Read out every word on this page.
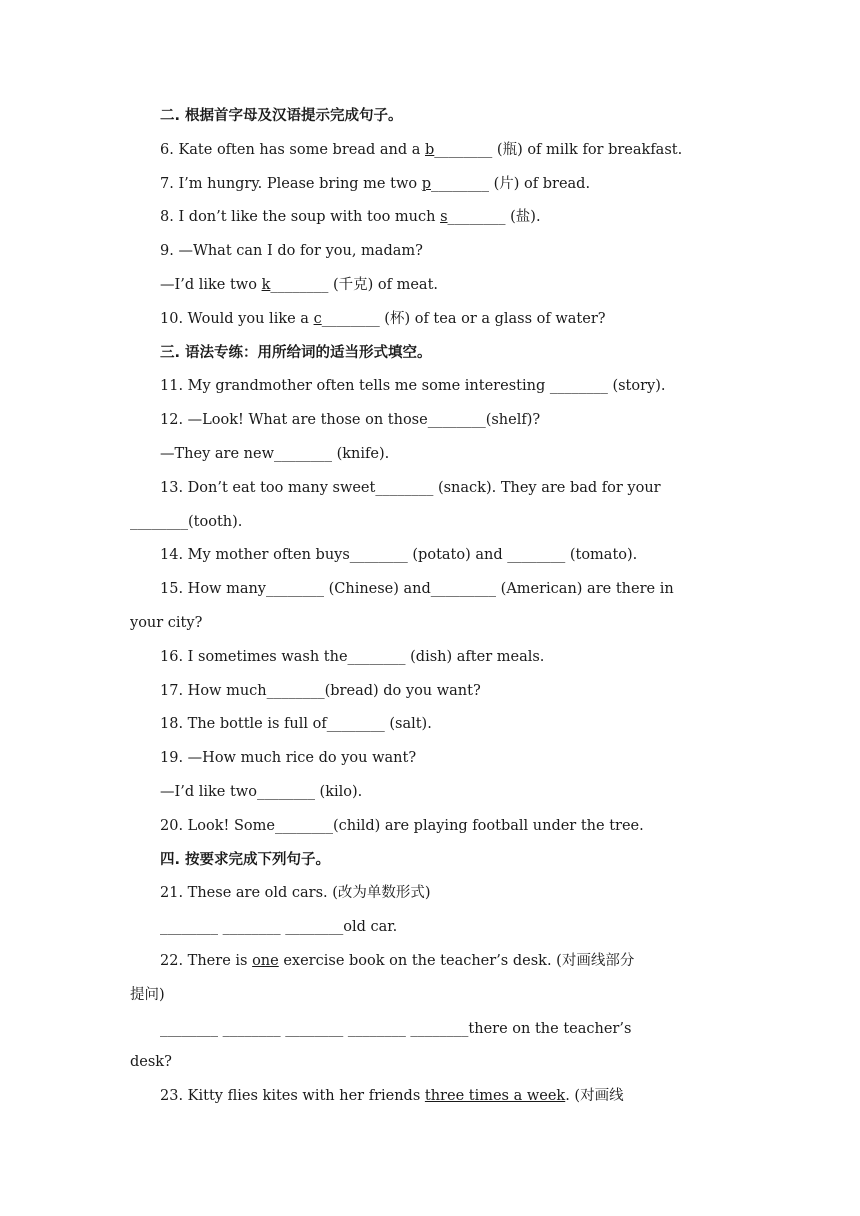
二. 根据首字母及汉语提示完成句子。
6. Kate often has some bread and a b________ (瓶) of milk for breakfast.
7. I’m hungry. Please bring me two p________ (片) of bread.
8. I don’t like the soup with too much s________ (盐).
9. —What can I do for you, madam?
—I’d like two k________ (千克) of meat.
10. Would you like a c________ (杯) of tea or a glass of water?
三. 语法专练：用所给词的适当形式填空。
11. My grandmother often tells me some interesting ________ (story).
12. —Look! What are those on those________(shelf)?
—They are new________ (knife).
13. Don’t eat too many sweet________ (snack). They are bad for your
________(tooth).
14. My mother often buys________ (potato) and ________ (tomato).
15. How many________ (Chinese) and_________ (American) are there in
your city?
16. I sometimes wash the________ (dish) after meals.
17. How much________(bread) do you want?
18. The bottle is full of________ (salt).
19. —How much rice do you want?
—I’d like two________ (kilo).
20. Look! Some________(child) are playing football under the tree.
四. 按要求完成下列句子。
21. These are old cars. (改为单数形式)
________ ________ ________old car.
22. There is one exercise book on the teacher’s desk. (对画线部分
提问)
________ ________ ________ ________ ________there on the teacher’s
desk?
23. Kitty flies kites with her friends three times a week. (对画线
